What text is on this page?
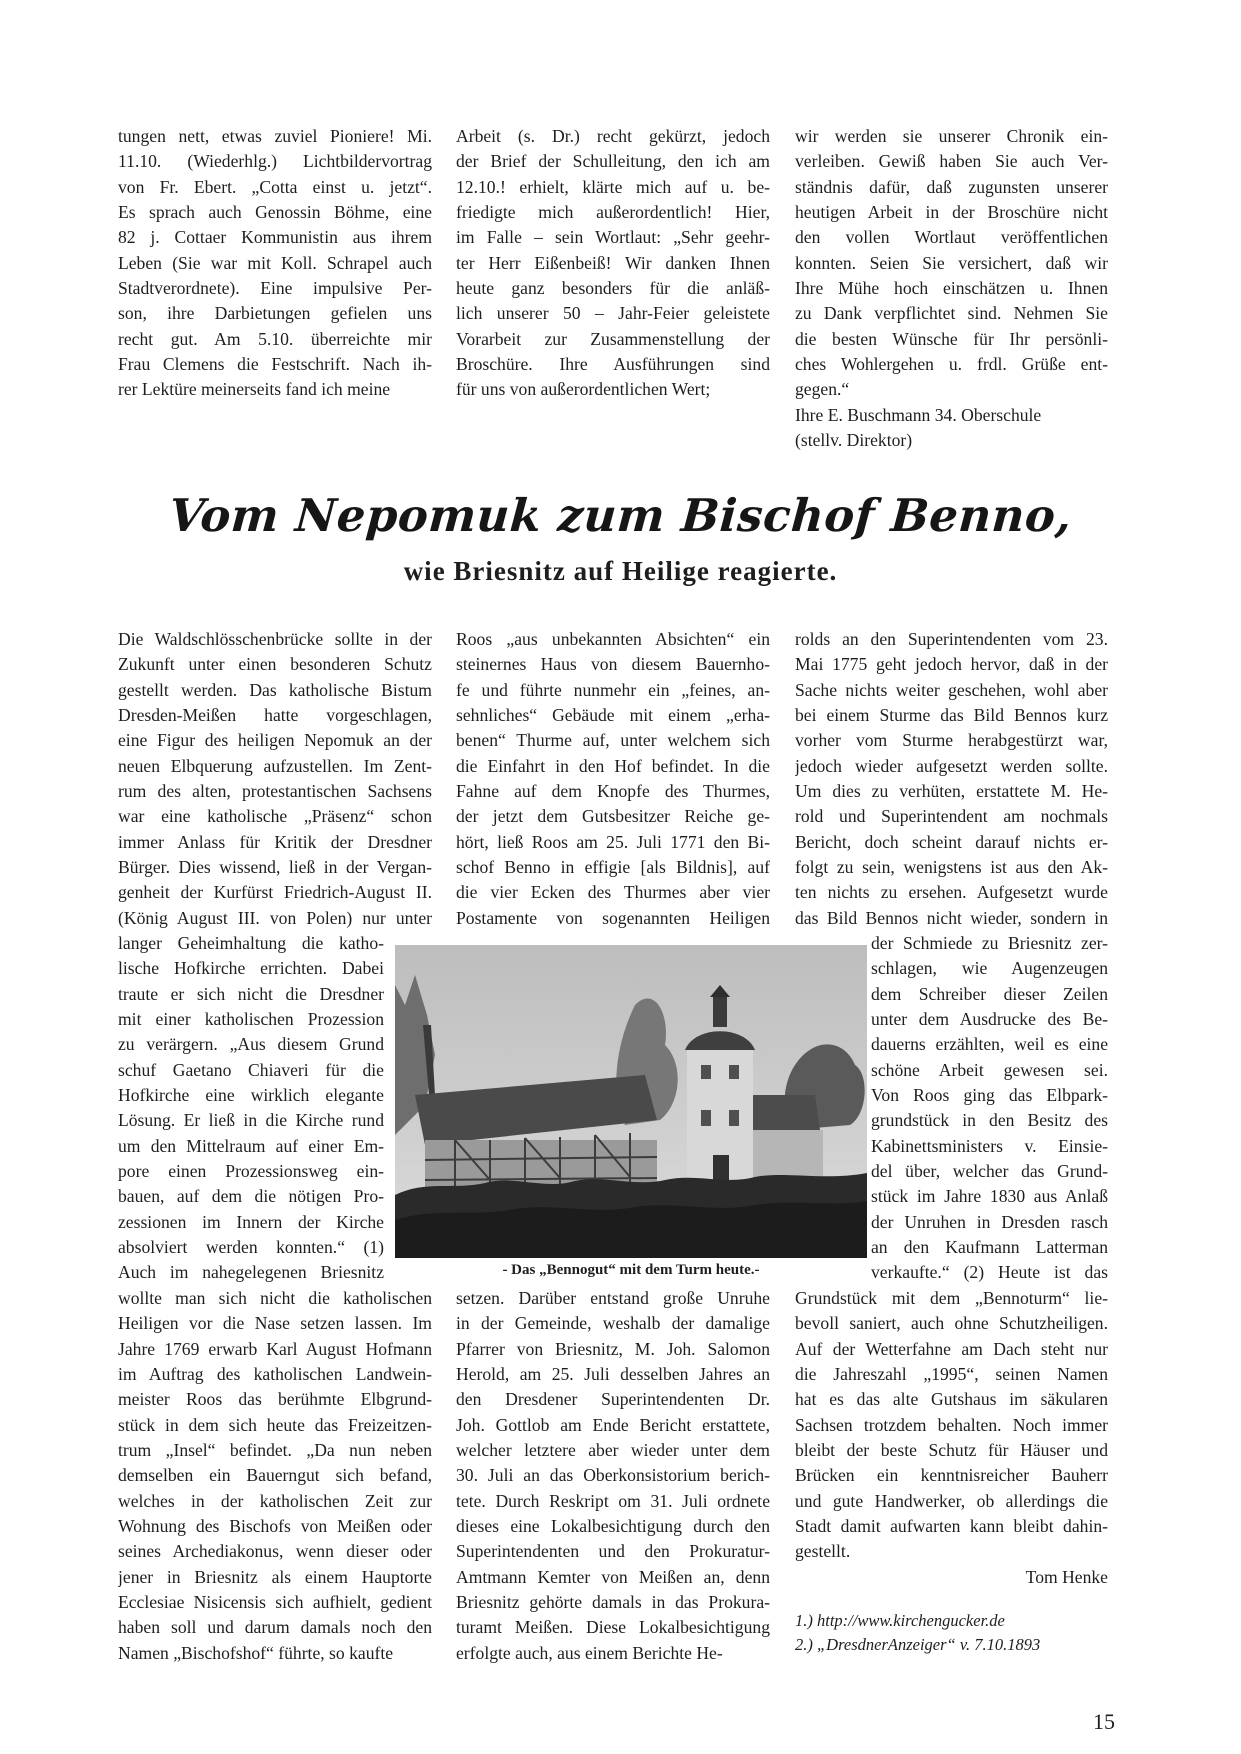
tungen nett, etwas zuviel Pioniere! Mi.
11.10. (Wiederhlg.) Lichtbildervortrag
von Fr. Ebert. „Cotta einst u. jetzt“.
Es sprach auch Genossin Böhme, eine
82 j. Cottaer Kommunistin aus ihrem
Leben (Sie war mit Koll. Schrapel auch
Stadtverordnete). Eine impulsive Per-
son, ihre Darbietungen gefielen uns
recht gut. Am 5.10. überreichte mir
Frau Clemens die Festschrift. Nach ih-
rer Lektüre meinerseits fand ich meine
Arbeit (s. Dr.) recht gekürzt, jedoch
der Brief der Schulleitung, den ich am
12.10.! erhielt, klärte mich auf u. be-
friedigte mich außerordentlich! Hier,
im Falle – sein Wortlaut: „Sehr geehr-
ter Herr Eißenbeiß! Wir danken Ihnen
heute ganz besonders für die anläß-
lich unserer 50 – Jahr-Feier geleistete
Vorarbeit zur Zusammenstellung der
Broschüre. Ihre Ausführungen sind
für uns von außerordentlichen Wert;
wir werden sie unserer Chronik ein-
verleiben. Gewiß haben Sie auch Ver-
ständnis dafür, daß zugunsten unserer
heutigen Arbeit in der Broschüre nicht
den vollen Wortlaut veröffentlichen
konnten. Seien Sie versichert, daß wir
Ihre Mühe hoch einschätzen u. Ihnen
zu Dank verpflichtet sind. Nehmen Sie
die besten Wünsche für Ihr persönli-
ches Wohlergehen u. frdl. Grüße ent-
gegen.“
Ihre E. Buschmann 34. Oberschule
(stellv. Direktor)
Vom Nepomuk zum Bischof Benno,
wie Briesnitz auf Heilige reagierte.
Die Waldschlösschenbrücke sollte in der
Zukunft unter einen besonderen Schutz
gestellt werden. Das katholische Bistum
Dresden-Meißen hatte vorgeschlagen,
eine Figur des heiligen Nepomuk an der
neuen Elbquerung aufzustellen. Im Zent-
rum des alten, protestantischen Sachsens
war eine katholische „Präsenz“ schon
immer Anlass für Kritik der Dresdner
Bürger. Dies wissend, ließ in der Vergan-
genheit der Kurfürst Friedrich-August II.
(König August III. von Polen) nur unter
langer Geheimhaltung die katho-
lische Hofkirche errichten. Dabei
traute er sich nicht die Dresdner
mit einer katholischen Prozession
zu verärgern. „Aus diesem Grund
schuf Gaetano Chiaveri für die
Hofkirche eine wirklich elegante
Lösung. Er ließ in die Kirche rund
um den Mittelraum auf einer Em-
pore einen Prozessionsweg ein-
bauen, auf dem die nötigen Pro-
zessionen im Innern der Kirche
absolviert werden konnten.“ (1)
Auch im nahegelegenen Briesnitz
wollte man sich nicht die katholischen
Heiligen vor die Nase setzen lassen. Im
Jahre 1769 erwarb Karl August Hofmann
im Auftrag des katholischen Landwein-
meister Roos das berühmte Elbgrund-
stück in dem sich heute das Freizeitzen-
trum „Insel“ befindet. „Da nun neben
demselben ein Bauerngut sich befand,
welches in der katholischen Zeit zur
Wohnung des Bischofs von Meißen oder
seines Archediakonus, wenn dieser oder
jener in Briesnitz als einem Hauptorte
Ecclesiae Nisicensis sich aufhielt, gedient
haben soll und darum damals noch den
Namen „Bischofshof“ führte, so kaufte
Roos „aus unbekannten Absichten“ ein
steinernes Haus von diesem Bauernho-
fe und führte nunmehr ein „feines, an-
sehnliches“ Gebäude mit einem „erha-
benen“ Thurme auf, unter welchem sich
die Einfahrt in den Hof befindet. In die
Fahne auf dem Knopfe des Thurmes,
der jetzt dem Gutsbesitzer Reiche ge-
hört, ließ Roos am 25. Juli 1771 den Bi-
schof Benno in effigie [als Bildnis], auf
die vier Ecken des Thurmes aber vier
Postamente von sogenannten Heiligen
setzen. Darüber entstand große Unruhe
in der Gemeinde, weshalb der damalige
Pfarrer von Briesnitz, M. Joh. Salomon
Herold, am 25. Juli desselben Jahres an
den Dresdener Superintendenten Dr.
Joh. Gottlob am Ende Bericht erstattete,
welcher letztere aber wieder unter dem
30. Juli an das Oberkonsistorium berich-
tete. Durch Reskript om 31. Juli ordnete
dieses eine Lokalbesichtigung durch den
Superintendenten und den Prokuratur-
Amtmann Kemter von Meißen an, denn
Briesnitz gehörte damals in das Prokura-
turamt Meißen. Diese Lokalbesichtigung
erfolgte auch, aus einem Berichte He-
rolds an den Superintendenten vom 23.
Mai 1775 geht jedoch hervor, daß in der
Sache nichts weiter geschehen, wohl aber
bei einem Sturme das Bild Bennos kurz
vorher vom Sturme herabgestürzt war,
jedoch wieder aufgesetzt werden sollte.
Um dies zu verhüten, erstattete M. He-
rold und Superintendent am nochmals
Bericht, doch scheint darauf nichts er-
folgt zu sein, wenigstens ist aus den Ak-
ten nichts zu ersehen. Aufgesetzt wurde
das Bild Bennos nicht wieder, sondern in
der Schmiede zu Briesnitz zer-
schlagen, wie Augenzeugen
dem Schreiber dieser Zeilen
unter dem Ausdrucke des Be-
dauerns erzählten, weil es eine
schöne Arbeit gewesen sei.
Von Roos ging das Elbpark-
grundstück in den Besitz des
Kabinettsministers v. Einsie-
del über, welcher das Grund-
stück im Jahre 1830 aus Anlaß
der Unruhen in Dresden rasch
an den Kaufmann Latterman
verkaufte.“ (2) Heute ist das
Grundstück mit dem „Bennoturm“ lie-
bevoll saniert, auch ohne Schutzheiligen.
Auf der Wetterfahne am Dach steht nur
die Jahreszahl „1995“, seinen Namen
hat es das alte Gutshaus im säkularen
Sachsen trotzdem behalten. Noch immer
bleibt der beste Schutz für Häuser und
Brücken ein kenntnisreicher Bauherr
und gute Handwerker, ob allerdings die
Stadt damit aufwarten kann bleibt dahin-
gestellt.
Tom Henke
1.) http://www.kirchengucker.de
2.) „DresdnerAnzeiger“ v. 7.10.1893
- Das „Bennogut“ mit dem Turm heute.-
15
